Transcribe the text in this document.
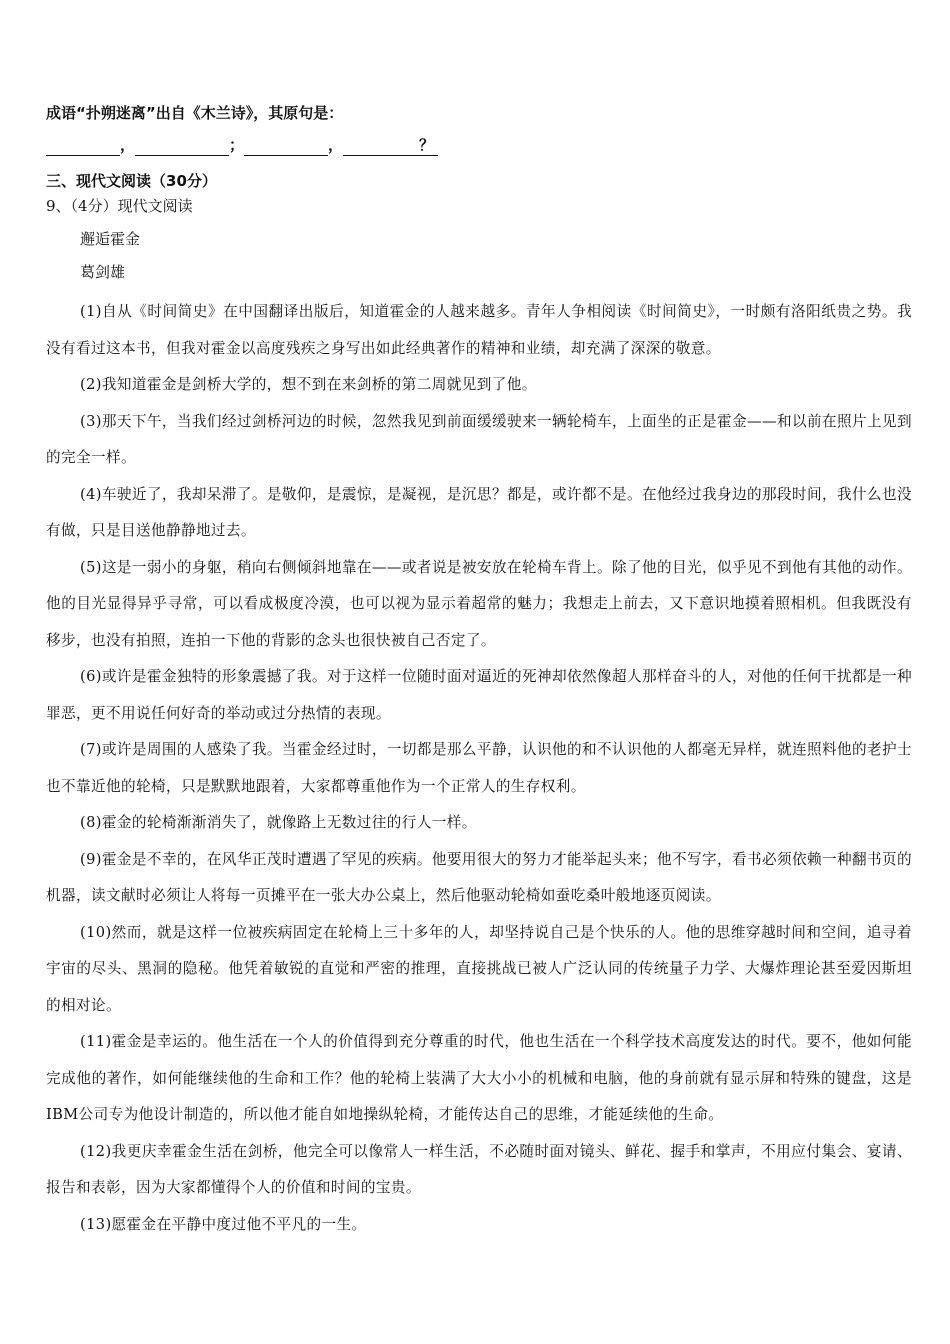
成语“扑朔迷离”出自《木兰诗》，其原句是：
，	；	，	？
三、现代文阅读（30分）
9、（4分）现代文阅读
邂逅霍金
葛剑雄

(1)自从《时间简史》在中国翻译出版后，知道霍金的人越来越多。青年人争相阅读《时间简史》，一时颇有洛阳纸贵之势。我没有看过这本书，但我对霍金以高度残疾之身写出如此经典著作的精神和业绩，却充满了深深的敬意。

(2)我知道霍金是剑桥大学的，想不到在来剑桥的第二周就见到了他。

(3)那天下午，当我们经过剑桥河边的时候，忽然我见到前面缓缓驶来一辆轮椅车，上面坐的正是霍金——和以前在照片上见到的完全一样。

(4)车驶近了，我却呆滞了。是敬仰，是震惊，是凝视，是沉思？都是，或许都不是。在他经过我身边的那段时间，我什么也没有做，只是目送他静静地过去。

(5)这是一弱小的身躯，稍向右侧倾斜地靠在——或者说是被安放在轮椅车背上。除了他的目光，似乎见不到他有其他的动作。他的目光显得异乎寻常，可以看成极度冷漠，也可以视为显示着超常的魅力；我想走上前去，又下意识地摸着照相机。但我既没有移步，也没有拍照，连拍一下他的背影的念头也很快被自己否定了。

(6)或许是霍金独特的形象震撼了我。对于这样一位随时面对逼近的死神却依然像超人那样奋斗的人，对他的任何干扰都是一种罪恶，更不用说任何好奇的举动或过分热情的表现。

(7)或许是周围的人感染了我。当霍金经过时，一切都是那么平静，认识他的和不认识他的人都毫无异样，就连照料他的老护士也不靠近他的轮椅，只是默默地跟着，大家都尊重他作为一个正常人的生存权利。

(8)霍金的轮椅渐渐消失了，就像路上无数过往的行人一样。

(9)霍金是不幸的，在风华正茂时遭遇了罕见的疾病。他要用很大的努力才能举起头来；他不写字，看书必须依赖一种翻书页的机器，读文献时必须让人将每一页摊平在一张大办公桌上，然后他驱动轮椅如蚕吃桑叶般地逐页阅读。

(10)然而，就是这样一位被疾病固定在轮椅上三十多年的人，却坚持说自己是个快乐的人。他的思维穿越时间和空间，追寻着宇宙的尽头、黑洞的隐秘。他凭着敏锐的直觉和严密的推理，直接挑战已被人广泛认同的传统量子力学、大爆炸理论甚至爱因斯坦的相对论。

(11)霍金是幸运的。他生活在一个人的价值得到充分尊重的时代，他也生活在一个科学技术高度发达的时代。要不，他如何能完成他的著作，如何能继续他的生命和工作？他的轮椅上装满了大大小小的机械和电脑，他的身前就有显示屏和特殊的键盘，这是IBM公司专为他设计制造的，所以他才能自如地操纵轮椅，才能传达自己的思维，才能延续他的生命。

(12)我更庆幸霍金生活在剑桥，他完全可以像常人一样生活，不必随时面对镜头、鲜花、握手和掌声，不用应付集会、宴请、报告和表彰，因为大家都懂得个人的价值和时间的宝贵。

(13)愿霍金在平静中度过他不平凡的一生。
